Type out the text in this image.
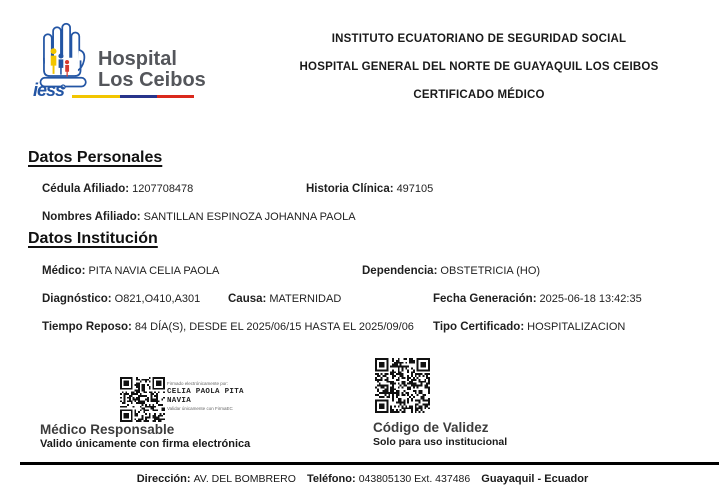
Hospital
Los Ceibos
iess
INSTITUTO ECUATORIANO DE SEGURIDAD SOCIAL
HOSPITAL GENERAL DEL NORTE DE GUAYAQUIL LOS CEIBOS
CERTIFICADO MÉDICO
Datos Personales
Cédula Afiliado: 1207708478	Historia Clínica: 497105
Nombres Afiliado: SANTILLAN ESPINOZA JOHANNA PAOLA
Datos Institución
Médico: PITA NAVIA CELIA PAOLA	Dependencia: OBSTETRICIA (HO)
Diagnóstico: O821,O410,A301 Causa: MATERNIDAD	Fecha Generación: 2025-06-18 13:42:35
Tiempo Reposo: 84 DÍA(S), DESDE EL 2025/06/15 HASTA EL 2025/09/06 Tipo Certificado: HOSPITALIZACION
Firmado electrónicamente por:
CELIA PAOLA PITA
NAVIA
Validar únicamente con FirmaEC
Médico Responsable
Valido únicamente con firma electrónica
Código de Validez
Solo para uso institucional
Dirección: AV. DEL BOMBRERO Teléfono: 043805130 Ext. 437486 Guayaquil - Ecuador
